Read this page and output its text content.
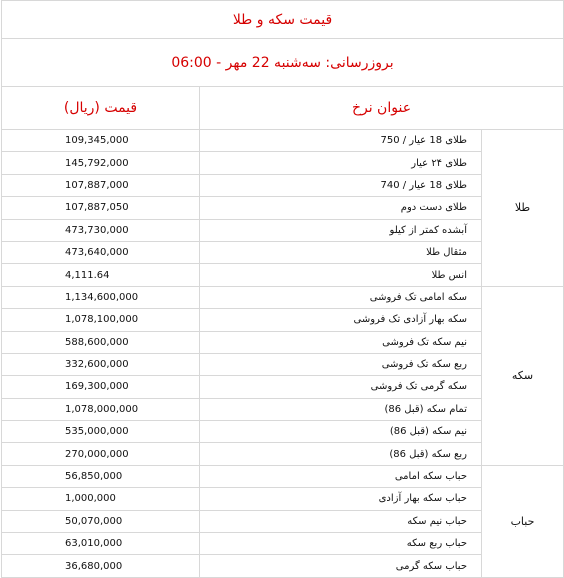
قیمت سکه و طلا		
بروزرسانی: سه‌شنبه 22 مهر - 06:00		
عنوان نرخ		قیمت (ریال)
طلا	طلای 18 عیار / 750	109,345,000
	طلای ۲۴ عیار	145,792,000
	طلای 18 عیار / 740	107,887,000
	طلای دست دوم	107,887,050
	آبشده کمتر از کیلو	473,730,000
	مثقال طلا	473,640,000
	انس طلا	4,111.64
سکه	سکه امامی تک فروشی	1,134,600,000
	سکه بهار آزادی تک فروشی	1,078,100,000
	نیم سکه تک فروشی	588,600,000
	ربع سکه تک فروشی	332,600,000
	سکه گرمی تک فروشی	169,300,000
	تمام سکه (قبل 86)	1,078,000,000
	نیم سکه (قبل 86)	535,000,000
	ربع سکه (قبل 86)	270,000,000
حباب	حباب سکه امامی	56,850,000
	حباب سکه بهار آزادی	1,000,000
	حباب نیم سکه	50,070,000
	حباب ربع سکه	63,010,000
	حباب سکه گرمی	36,680,000
